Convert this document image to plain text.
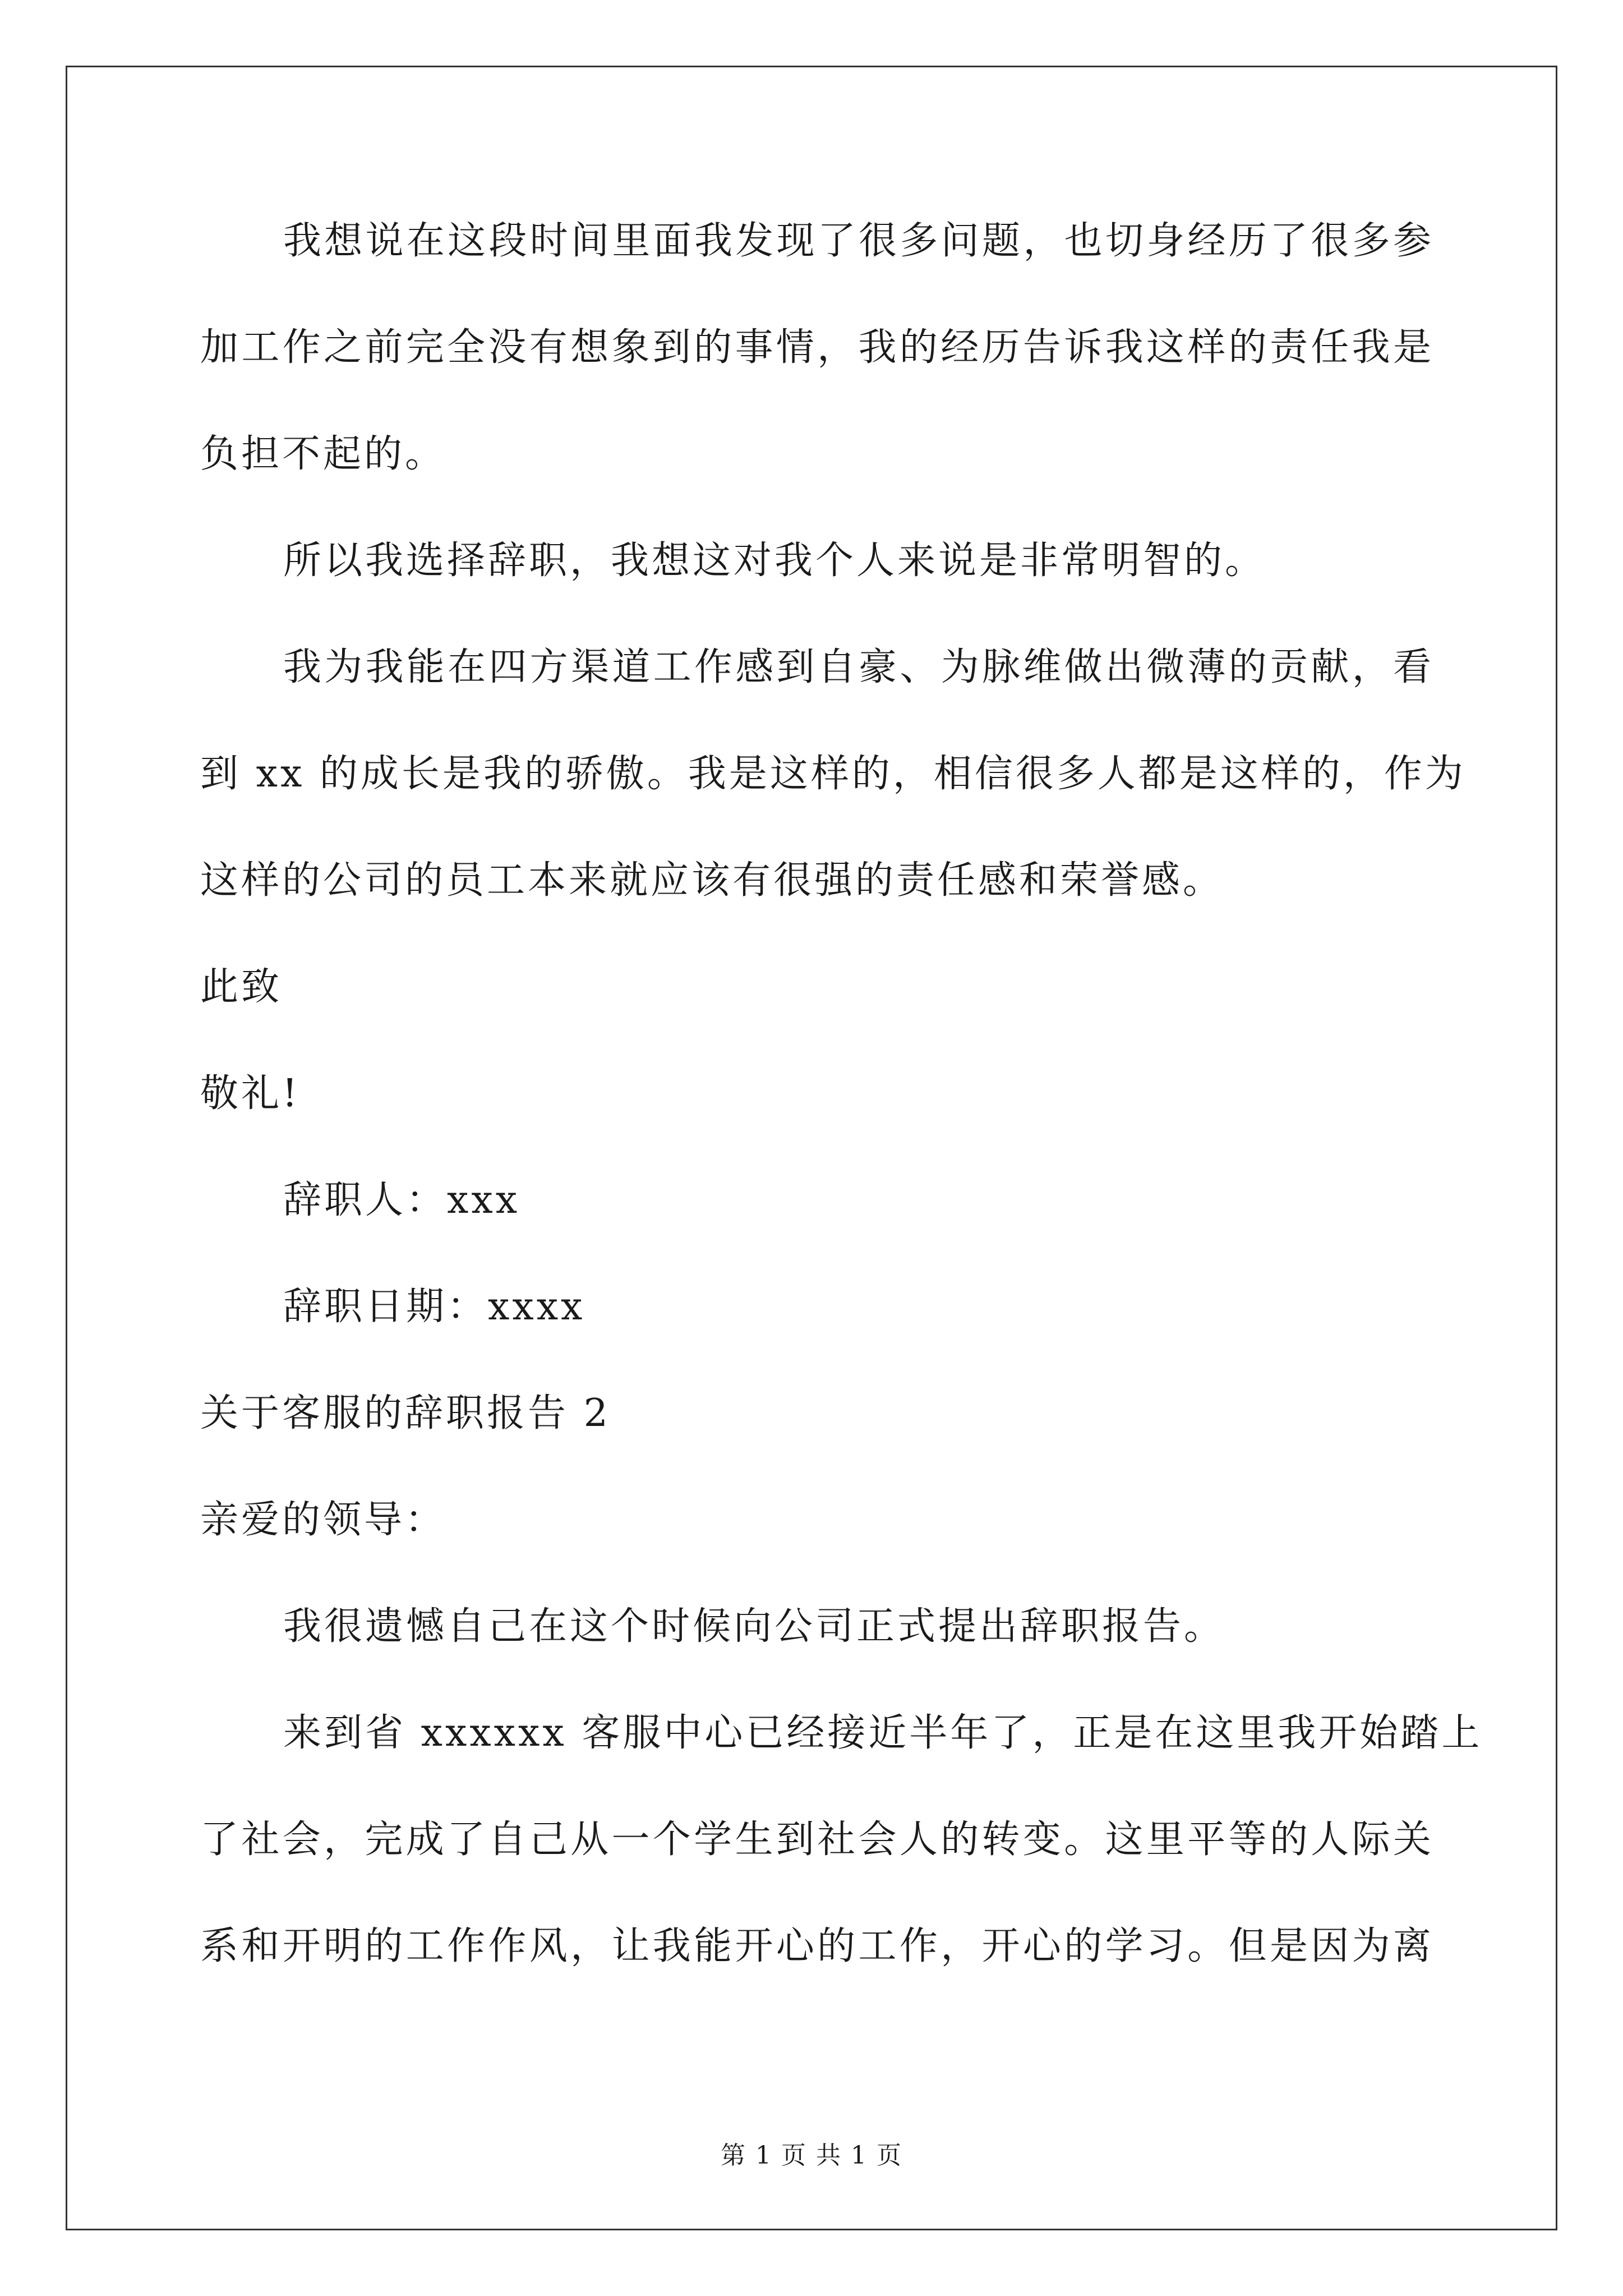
我想说在这段时间里面我发现了很多问题，也切身经历了很多参
加工作之前完全没有想象到的事情，我的经历告诉我这样的责任我是
负担不起的。
所以我选择辞职，我想这对我个人来说是非常明智的。
我为我能在四方渠道工作感到自豪、为脉维做出微薄的贡献，看
到 xx 的成长是我的骄傲。我是这样的，相信很多人都是这样的，作为
这样的公司的员工本来就应该有很强的责任感和荣誉感。
此致
敬礼!
辞职人：xxx
辞职日期：xxxx
关于客服的辞职报告 2
亲爱的领导：
我很遗憾自己在这个时候向公司正式提出辞职报告。
来到省 xxxxxx 客服中心已经接近半年了，正是在这里我开始踏上
了社会，完成了自己从一个学生到社会人的转变。这里平等的人际关
系和开明的工作作风，让我能开心的工作，开心的学习。但是因为离
第 1 页 共 1 页
